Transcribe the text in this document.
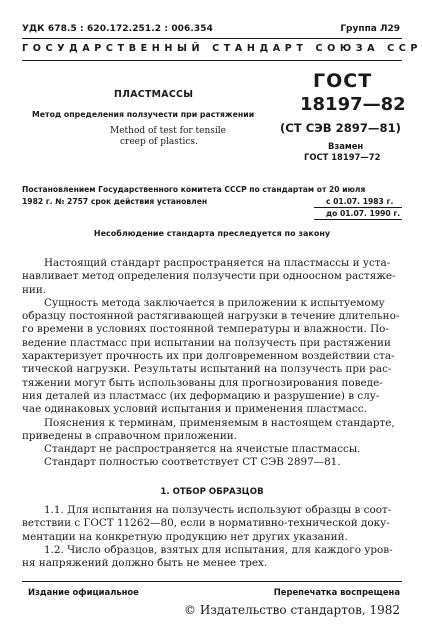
УДК 678.5 : 620.172.251.2 : 006.354	Группа Л29
ГОСУДАРСТВЕННЫЙ СТАНДАРТ СОЮЗА ССР
ПЛАСТМАССЫ
Метод определения ползучести при растяжении
Method of test for tensile
creep of plastics.
ГОСТ
18197—82
(СТ СЭВ 2897—81)
Взамен
ГОСТ 18197—72
Постановлением Государственного комитета СССР по стандартам от 20 июля
1982 г. № 2757 срок действия установлен	с 01.07. 1983 г.
до 01.07. 1990 г.
Несоблюдение стандарта преследуется по закону
Настоящий стандарт распространяется на пластмассы и уста-
навливает метод определения ползучести при одноосном растяже-
нии.
Сущность метода заключается в приложении к испытуемому
образцу постоянной растягивающей нагрузки в течение длительно-
го времени в условиях постоянной температуры и влажности. По-
ведение пластмасс при испытании на ползучесть при растяжении
характеризует прочность их при долговременном воздействии ста-
тической нагрузки. Результаты испытаний на ползучесть при рас-
тяжении могут быть использованы для прогнозирования поведе-
ния деталей из пластмасс (их деформацию и разрушение) в слу-
чае одинаковых условий испытания и применения пластмасс.
Пояснения к терминам, применяемым в настоящем стандарте,
приведены в справочном приложении.
Стандарт не распространяется на ячеистые пластмассы.
Стандарт полностью соответствует СТ СЭВ 2897—81.
1. ОТБОР ОБРАЗЦОВ
1.1. Для испытания на ползучесть используют образцы в соот-
ветствии с ГОСТ 11262—80, если в нормативно-технической доку-
ментации на конкретную продукцию нет других указаний.
1.2. Число образцов, взятых для испытания, для каждого уров-
ня напряжений должно быть не менее трех.
Издание официальное	Перепечатка воспрещена
© Издательство стандартов, 1982
